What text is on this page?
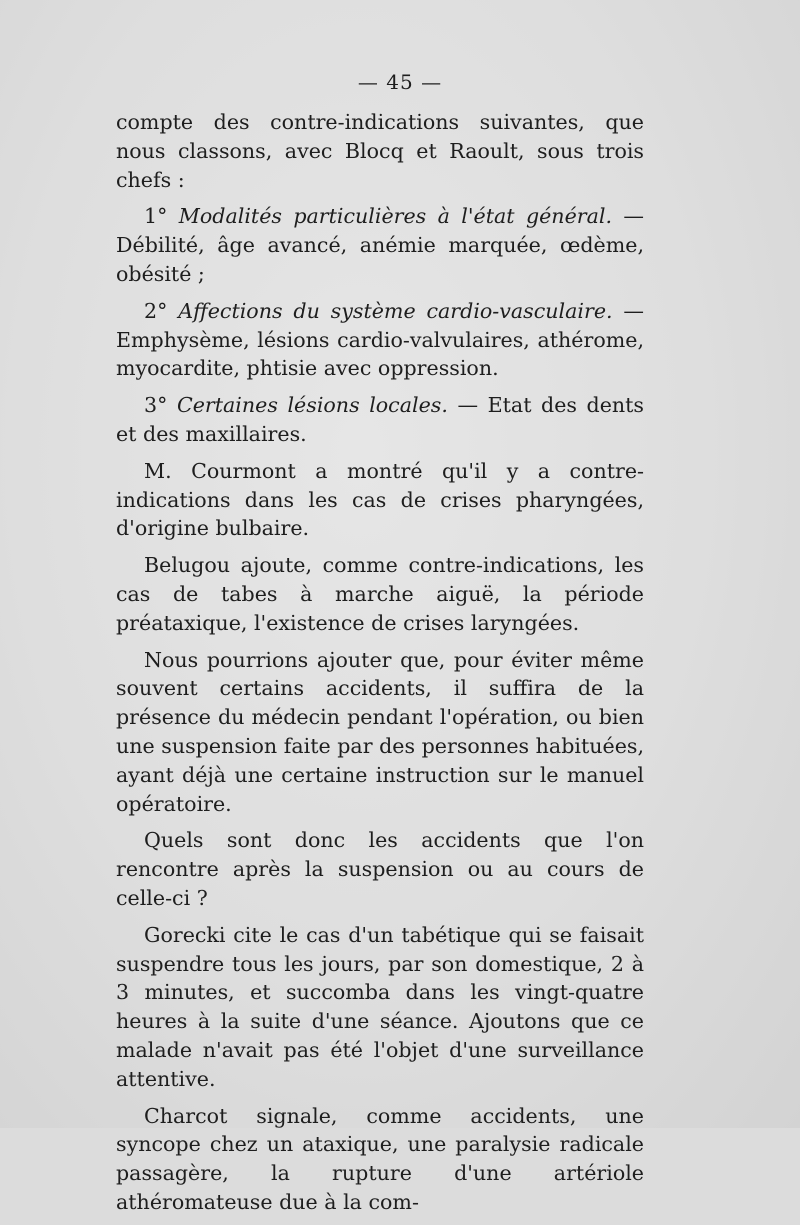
— 45 —

compte des contre-indications suivantes, que nous classons, avec Blocq et Raoult, sous trois chefs :

1° Modalités particulières à l'état général. — Débilité, âge avancé, anémie marquée, œdème, obésité ;

2° Affections du système cardio-vasculaire. — Emphysème, lésions cardio-valvulaires, athérome, myocardite, phtisie avec oppression.

3° Certaines lésions locales. — Etat des dents et des maxillaires.

M. Courmont a montré qu'il y a contre-indications dans les cas de crises pharyngées, d'origine bulbaire.

Belugou ajoute, comme contre-indications, les cas de tabes à marche aiguë, la période préataxique, l'existence de crises laryngées.

Nous pourrions ajouter que, pour éviter même souvent certains accidents, il suffira de la présence du médecin pendant l'opération, ou bien une suspension faite par des personnes habituées, ayant déjà une certaine instruction sur le manuel opératoire.

Quels sont donc les accidents que l'on rencontre après la suspension ou au cours de celle-ci ?

Gorecki cite le cas d'un tabétique qui se faisait suspendre tous les jours, par son domestique, 2 à 3 minutes, et succomba dans les vingt-quatre heures à la suite d'une séance. Ajoutons que ce malade n'avait pas été l'objet d'une surveillance attentive.

Charcot signale, comme accidents, une syncope chez un ataxique, une paralysie radicale passagère, la rupture d'une artériole athéromateuse due à la com-
